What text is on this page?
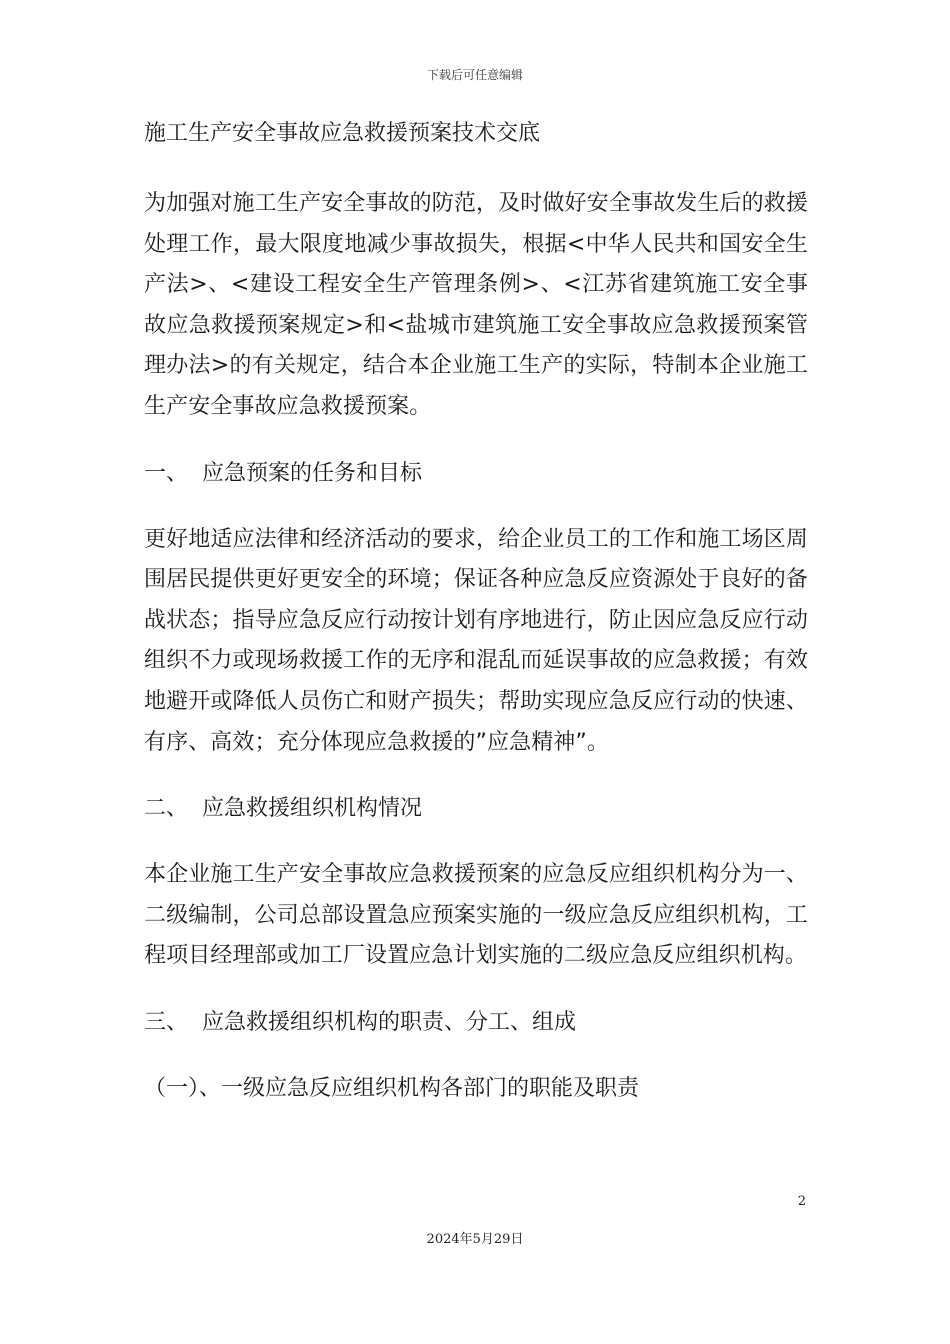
下载后可任意编辑
施工生产安全事故应急救援预案技术交底

为加强对施工生产安全事故的防范，及时做好安全事故发生后的救援处理工作，最大限度地减少事故损失，根据<中华人民共和国安全生产法>、<建设工程安全生产管理条例>、<江苏省建筑施工安全事故应急救援预案规定>和<盐城市建筑施工安全事故应急救援预案管理办法>的有关规定，结合本企业施工生产的实际，特制本企业施工生产安全事故应急救援预案。

一、 应急预案的任务和目标

更好地适应法律和经济活动的要求，给企业员工的工作和施工场区周围居民提供更好更安全的环境；保证各种应急反应资源处于良好的备战状态；指导应急反应行动按计划有序地进行，防止因应急反应行动组织不力或现场救援工作的无序和混乱而延误事故的应急救援；有效地避开或降低人员伤亡和财产损失；帮助实现应急反应行动的快速、有序、高效；充分体现应急救援的”应急精神”。

二、 应急救援组织机构情况

本企业施工生产安全事故应急救援预案的应急反应组织机构分为一、二级编制，公司总部设置急应预案实施的一级应急反应组织机构，工程项目经理部或加工厂设置应急计划实施的二级应急反应组织机构。

三、 应急救援组织机构的职责、分工、组成
（一）、一级应急反应组织机构各部门的职能及职责
2
2024年5月29日
